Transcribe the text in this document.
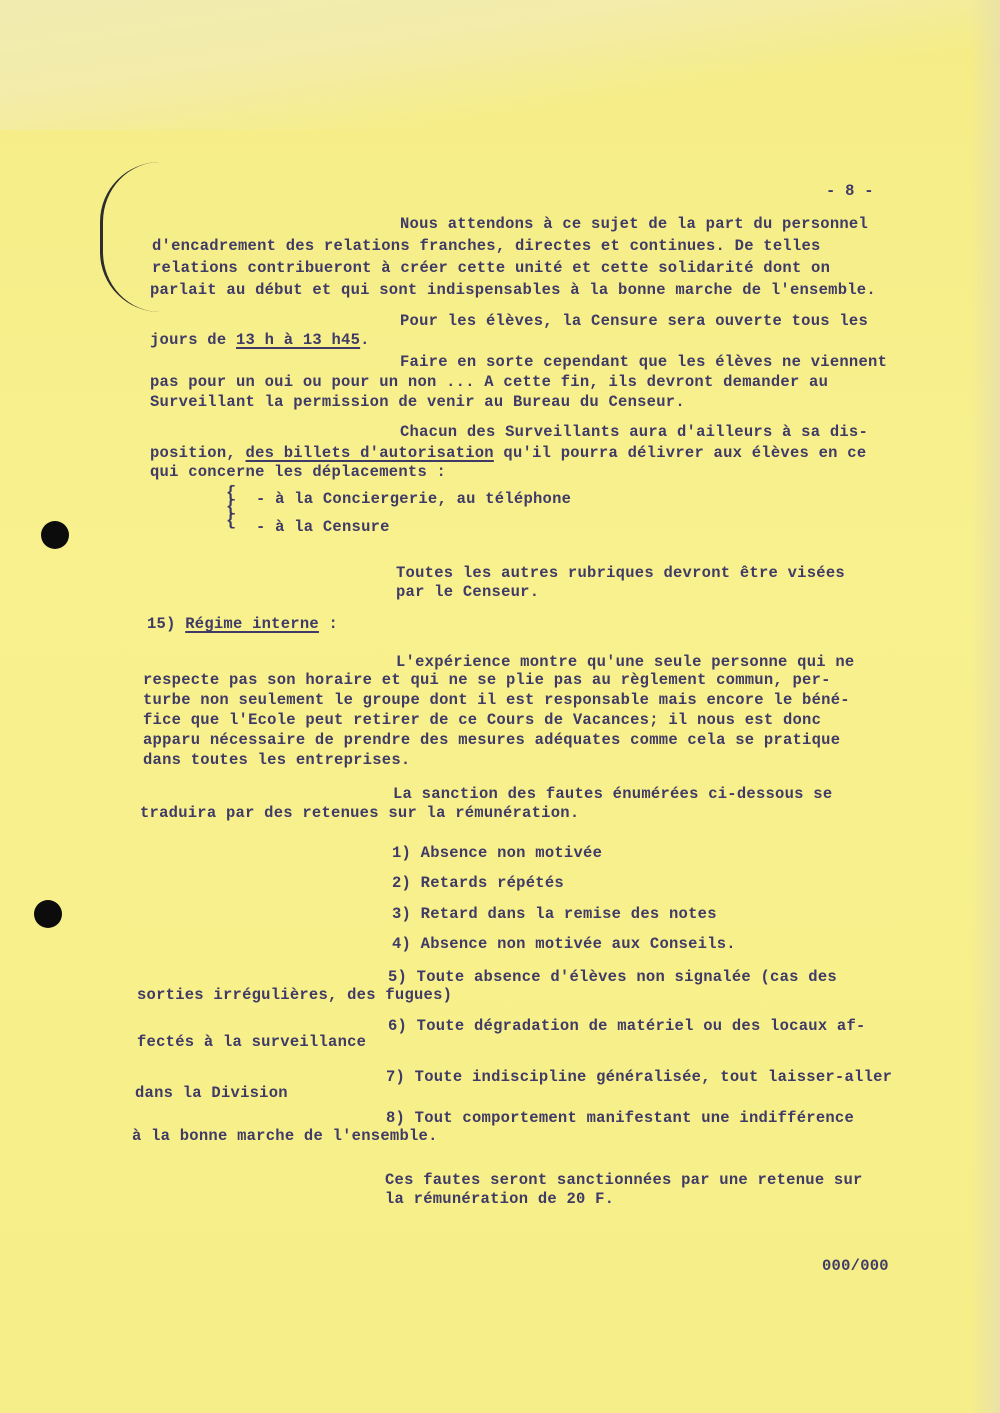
- 8 -

Nous attendons à ce sujet de la part du personnel

d'encadrement des relations franches, directes et continues. De telles

relations contribueront à créer cette unité et cette solidarité dont on

parlait au début et qui sont indispensables à la bonne marche de l'ensemble.

Pour les élèves, la Censure sera ouverte tous les

jours de 13 h à 13 h45.

Faire en sorte cependant que les élèves ne viennent

pas pour un oui ou pour un non ... A cette fin, ils devront demander au

Surveillant la permission de venir au Bureau du Censeur.

Chacun des Surveillants aura d'ailleurs à sa dis-

position, des billets d'autorisation qu'il pourra délivrer aux élèves en ce

qui concerne les déplacements :

{
{
{

- à la Conciergerie, au téléphone

- à la Censure

Toutes les autres rubriques devront être visées

par le Censeur.

15) Régime interne :

L'expérience montre qu'une seule personne qui ne

respecte pas son horaire et qui ne se plie pas au règlement commun, per-

turbe non seulement le groupe dont il est responsable mais encore le béné-

fice que l'Ecole peut retirer de ce Cours de Vacances; il nous est donc

apparu nécessaire de prendre des mesures adéquates comme cela se pratique

dans toutes les entreprises.

La sanction des fautes énumérées ci-dessous se

traduira par des retenues sur la rémunération.

1) Absence non motivée

2) Retards répétés

3) Retard dans la remise des notes

4) Absence non motivée aux Conseils.

5) Toute absence d'élèves non signalée (cas des

sorties irrégulières, des fugues)

6) Toute dégradation de matériel ou des locaux af-

fectés à la surveillance

7) Toute indiscipline généralisée, tout laisser-aller

dans la Division

8) Tout comportement manifestant une indifférence

à la bonne marche de l'ensemble.

Ces fautes seront sanctionnées par une retenue sur

la rémunération de 20 F.

000/000
